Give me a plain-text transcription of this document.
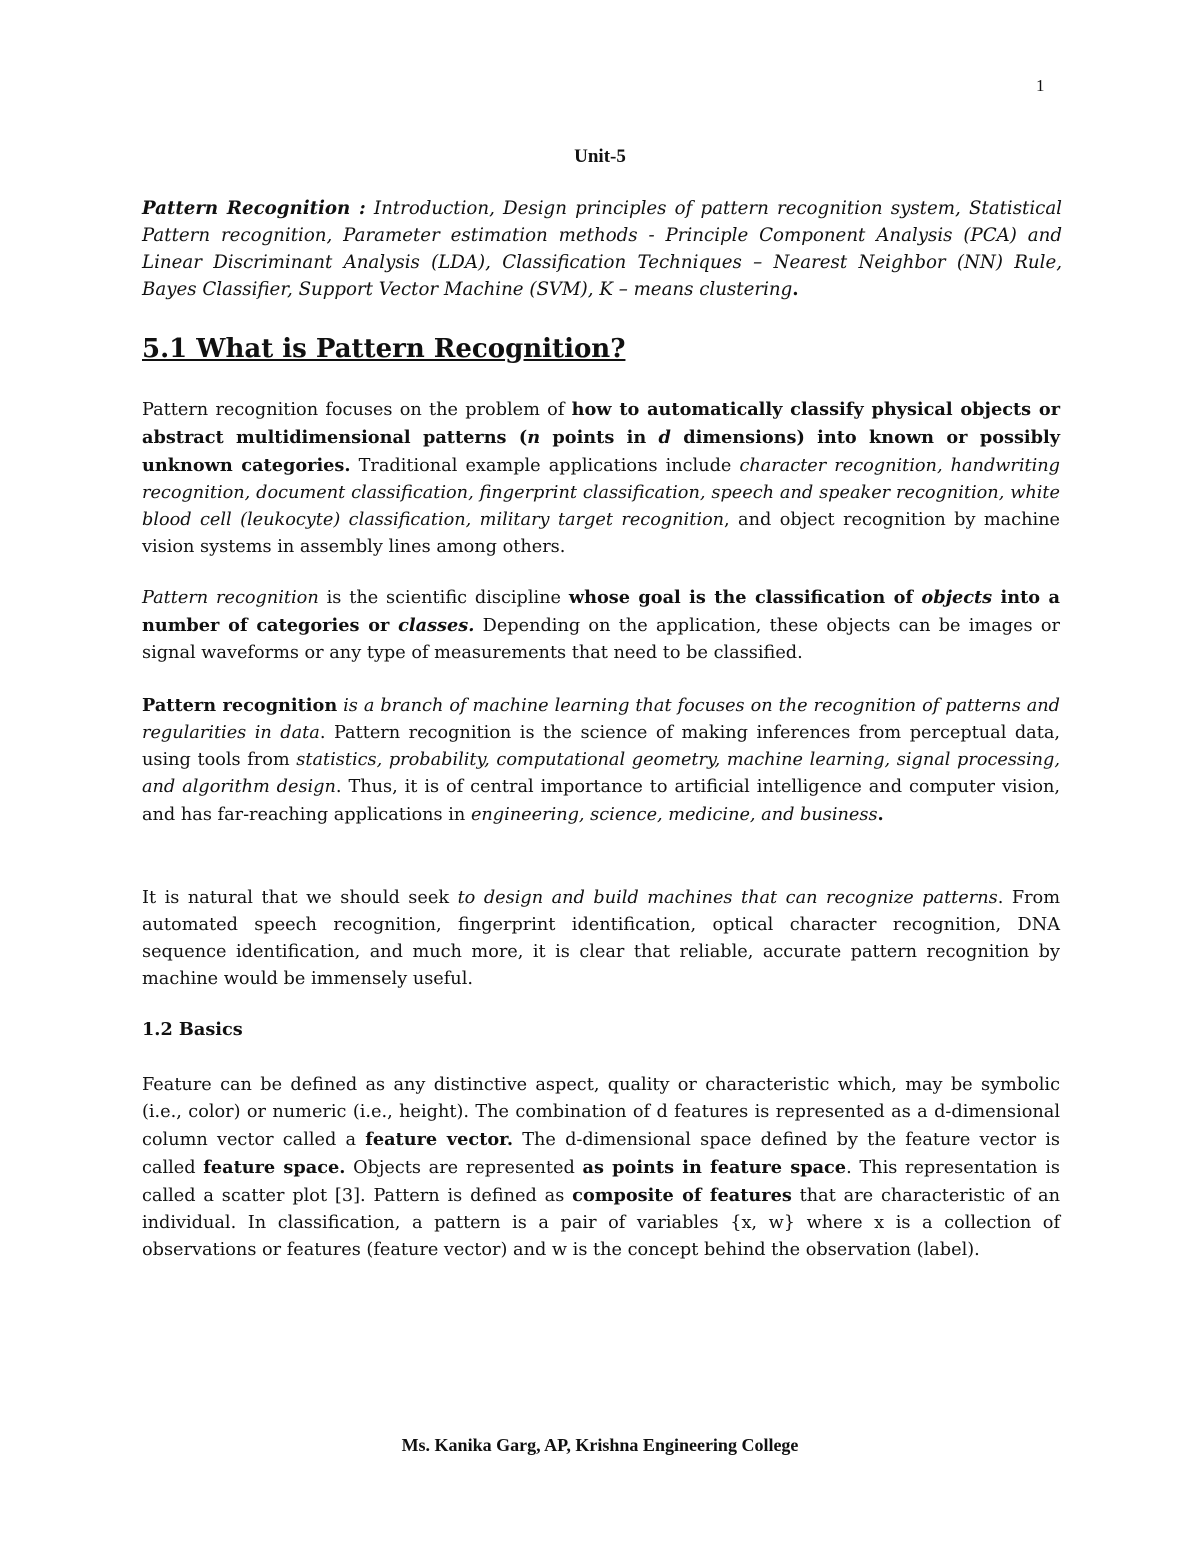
1
Unit-5
Pattern Recognition : Introduction, Design principles of pattern recognition system, Statistical Pattern recognition, Parameter estimation methods - Principle Component Analysis (PCA) and Linear Discriminant Analysis (LDA), Classification Techniques – Nearest Neighbor (NN) Rule, Bayes Classifier, Support Vector Machine (SVM), K – means clustering.
5.1 What is Pattern Recognition?

Pattern recognition focuses on the problem of how to automatically classify physical objects or abstract multidimensional patterns (n points in d dimensions) into known or possibly unknown categories. Traditional example applications include character recognition, handwriting recognition, document classification, fingerprint classification, speech and speaker recognition, white blood cell (leukocyte) classification, military target recognition, and object recognition by machine vision systems in assembly lines among others.

Pattern recognition is the scientific discipline whose goal is the classification of objects into a number of categories or classes. Depending on the application, these objects can be images or signal waveforms or any type of measurements that need to be classified.

Pattern recognition is a branch of machine learning that focuses on the recognition of patterns and regularities in data. Pattern recognition is the science of making inferences from perceptual data, using tools from statistics, probability, computational geometry, machine learning, signal processing, and algorithm design. Thus, it is of central importance to artificial intelligence and computer vision, and has far-reaching applications in engineering, science, medicine, and business.

It is natural that we should seek to design and build machines that can recognize patterns. From automated speech recognition, fingerprint identification, optical character recognition, DNA sequence identification, and much more, it is clear that reliable, accurate pattern recognition by machine would be immensely useful.

1.2 Basics

Feature can be defined as any distinctive aspect, quality or characteristic which, may be symbolic (i.e., color) or numeric (i.e., height). The combination of d features is represented as a d-dimensional column vector called a feature vector. The d-dimensional space defined by the feature vector is called feature space. Objects are represented as points in feature space. This representation is called a scatter plot [3]. Pattern is defined as composite of features that are characteristic of an individual. In classification, a pattern is a pair of variables {x, w} where x is a collection of observations or features (feature vector) and w is the concept behind the observation (label).

Ms. Kanika Garg, AP, Krishna Engineering College
